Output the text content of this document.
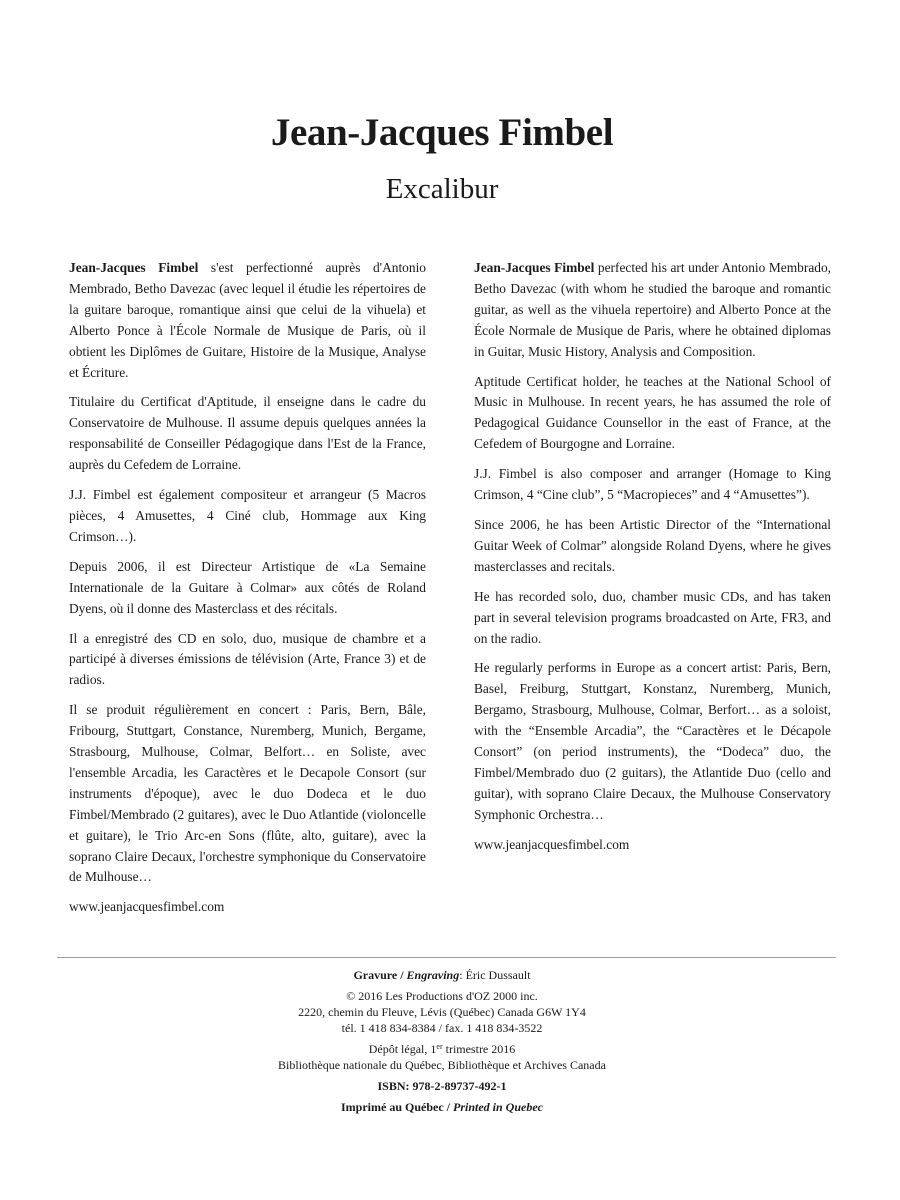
Jean-Jacques Fimbel
Excalibur

Jean-Jacques Fimbel s'est perfectionné auprès d'Antonio Membrado, Betho Davezac (avec lequel il étudie les répertoires de la guitare baroque, romantique ainsi que celui de la vihuela) et Alberto Ponce à l'École Normale de Musique de Paris, où il obtient les Diplômes de Guitare, Histoire de la Musique, Analyse et Écriture.

Titulaire du Certificat d'Aptitude, il enseigne dans le cadre du Conservatoire de Mulhouse. Il assume depuis quelques années la responsabilité de Conseiller Pédagogique dans l'Est de la France, auprès du Cefedem de Lorraine.

J.J. Fimbel est également compositeur et arrangeur (5 Macros pièces, 4 Amusettes, 4 Ciné club, Hommage aux King Crimson…).

Depuis 2006, il est Directeur Artistique de «La Semaine Internationale de la Guitare à Colmar» aux côtés de Roland Dyens, où il donne des Masterclass et des récitals.

Il a enregistré des CD en solo, duo, musique de chambre et a participé à diverses émissions de télévision (Arte, France 3) et de radios.

Il se produit régulièrement en concert : Paris, Bern, Bâle, Fribourg, Stuttgart, Constance, Nuremberg, Munich, Bergame, Strasbourg, Mulhouse, Colmar, Belfort… en Soliste, avec l'ensemble Arcadia, les Caractères et le Decapole Consort (sur instruments d'époque), avec le duo Dodeca et le duo Fimbel/Membrado (2 guitares), avec le Duo Atlantide (violoncelle et guitare), le Trio Arc-en Sons (flûte, alto, guitare), avec la soprano Claire Decaux, l'orchestre symphonique du Conservatoire de Mulhouse…

www.jeanjacquesfimbel.com

Jean-Jacques Fimbel perfected his art under Antonio Membrado, Betho Davezac (with whom he studied the baroque and romantic guitar, as well as the vihuela repertoire) and Alberto Ponce at the École Normale de Musique de Paris, where he obtained diplomas in Guitar, Music History, Analysis and Composition.

Aptitude Certificat holder, he teaches at the National School of Music in Mulhouse. In recent years, he has assumed the role of Pedagogical Guidance Counsellor in the east of France, at the Cefedem of Bourgogne and Lorraine.

J.J. Fimbel is also composer and arranger (Homage to King Crimson, 4 “Cine club”, 5 “Macropieces” and 4 “Amusettes”).

Since 2006, he has been Artistic Director of the “International Guitar Week of Colmar” alongside Roland Dyens, where he gives masterclasses and recitals.

He has recorded solo, duo, chamber music CDs, and has taken part in several television programs broadcasted on Arte, FR3, and on the radio.

He regularly performs in Europe as a concert artist: Paris, Bern, Basel, Freiburg, Stuttgart, Konstanz, Nuremberg, Munich, Bergamo, Strasbourg, Mulhouse, Colmar, Berfort… as a soloist, with the “Ensemble Arcadia”, the “Caractères et le Décapole Consort” (on period instruments), the “Dodeca” duo, the Fimbel/Membrado duo (2 guitars), the Atlantide Duo (cello and guitar), with soprano Claire Decaux, the Mulhouse Conservatory Symphonic Orchestra…

www.jeanjacquesfimbel.com

Gravure / Engraving: Éric Dussault
© 2016 Les Productions d'OZ 2000 inc.
2220, chemin du Fleuve, Lévis (Québec) Canada G6W 1Y4
tél. 1 418 834-8384 / fax. 1 418 834-3522
Dépôt légal, 1er trimestre 2016
Bibliothèque nationale du Québec, Bibliothèque et Archives Canada
ISBN: 978-2-89737-492-1
Imprimé au Québec / Printed in Quebec
